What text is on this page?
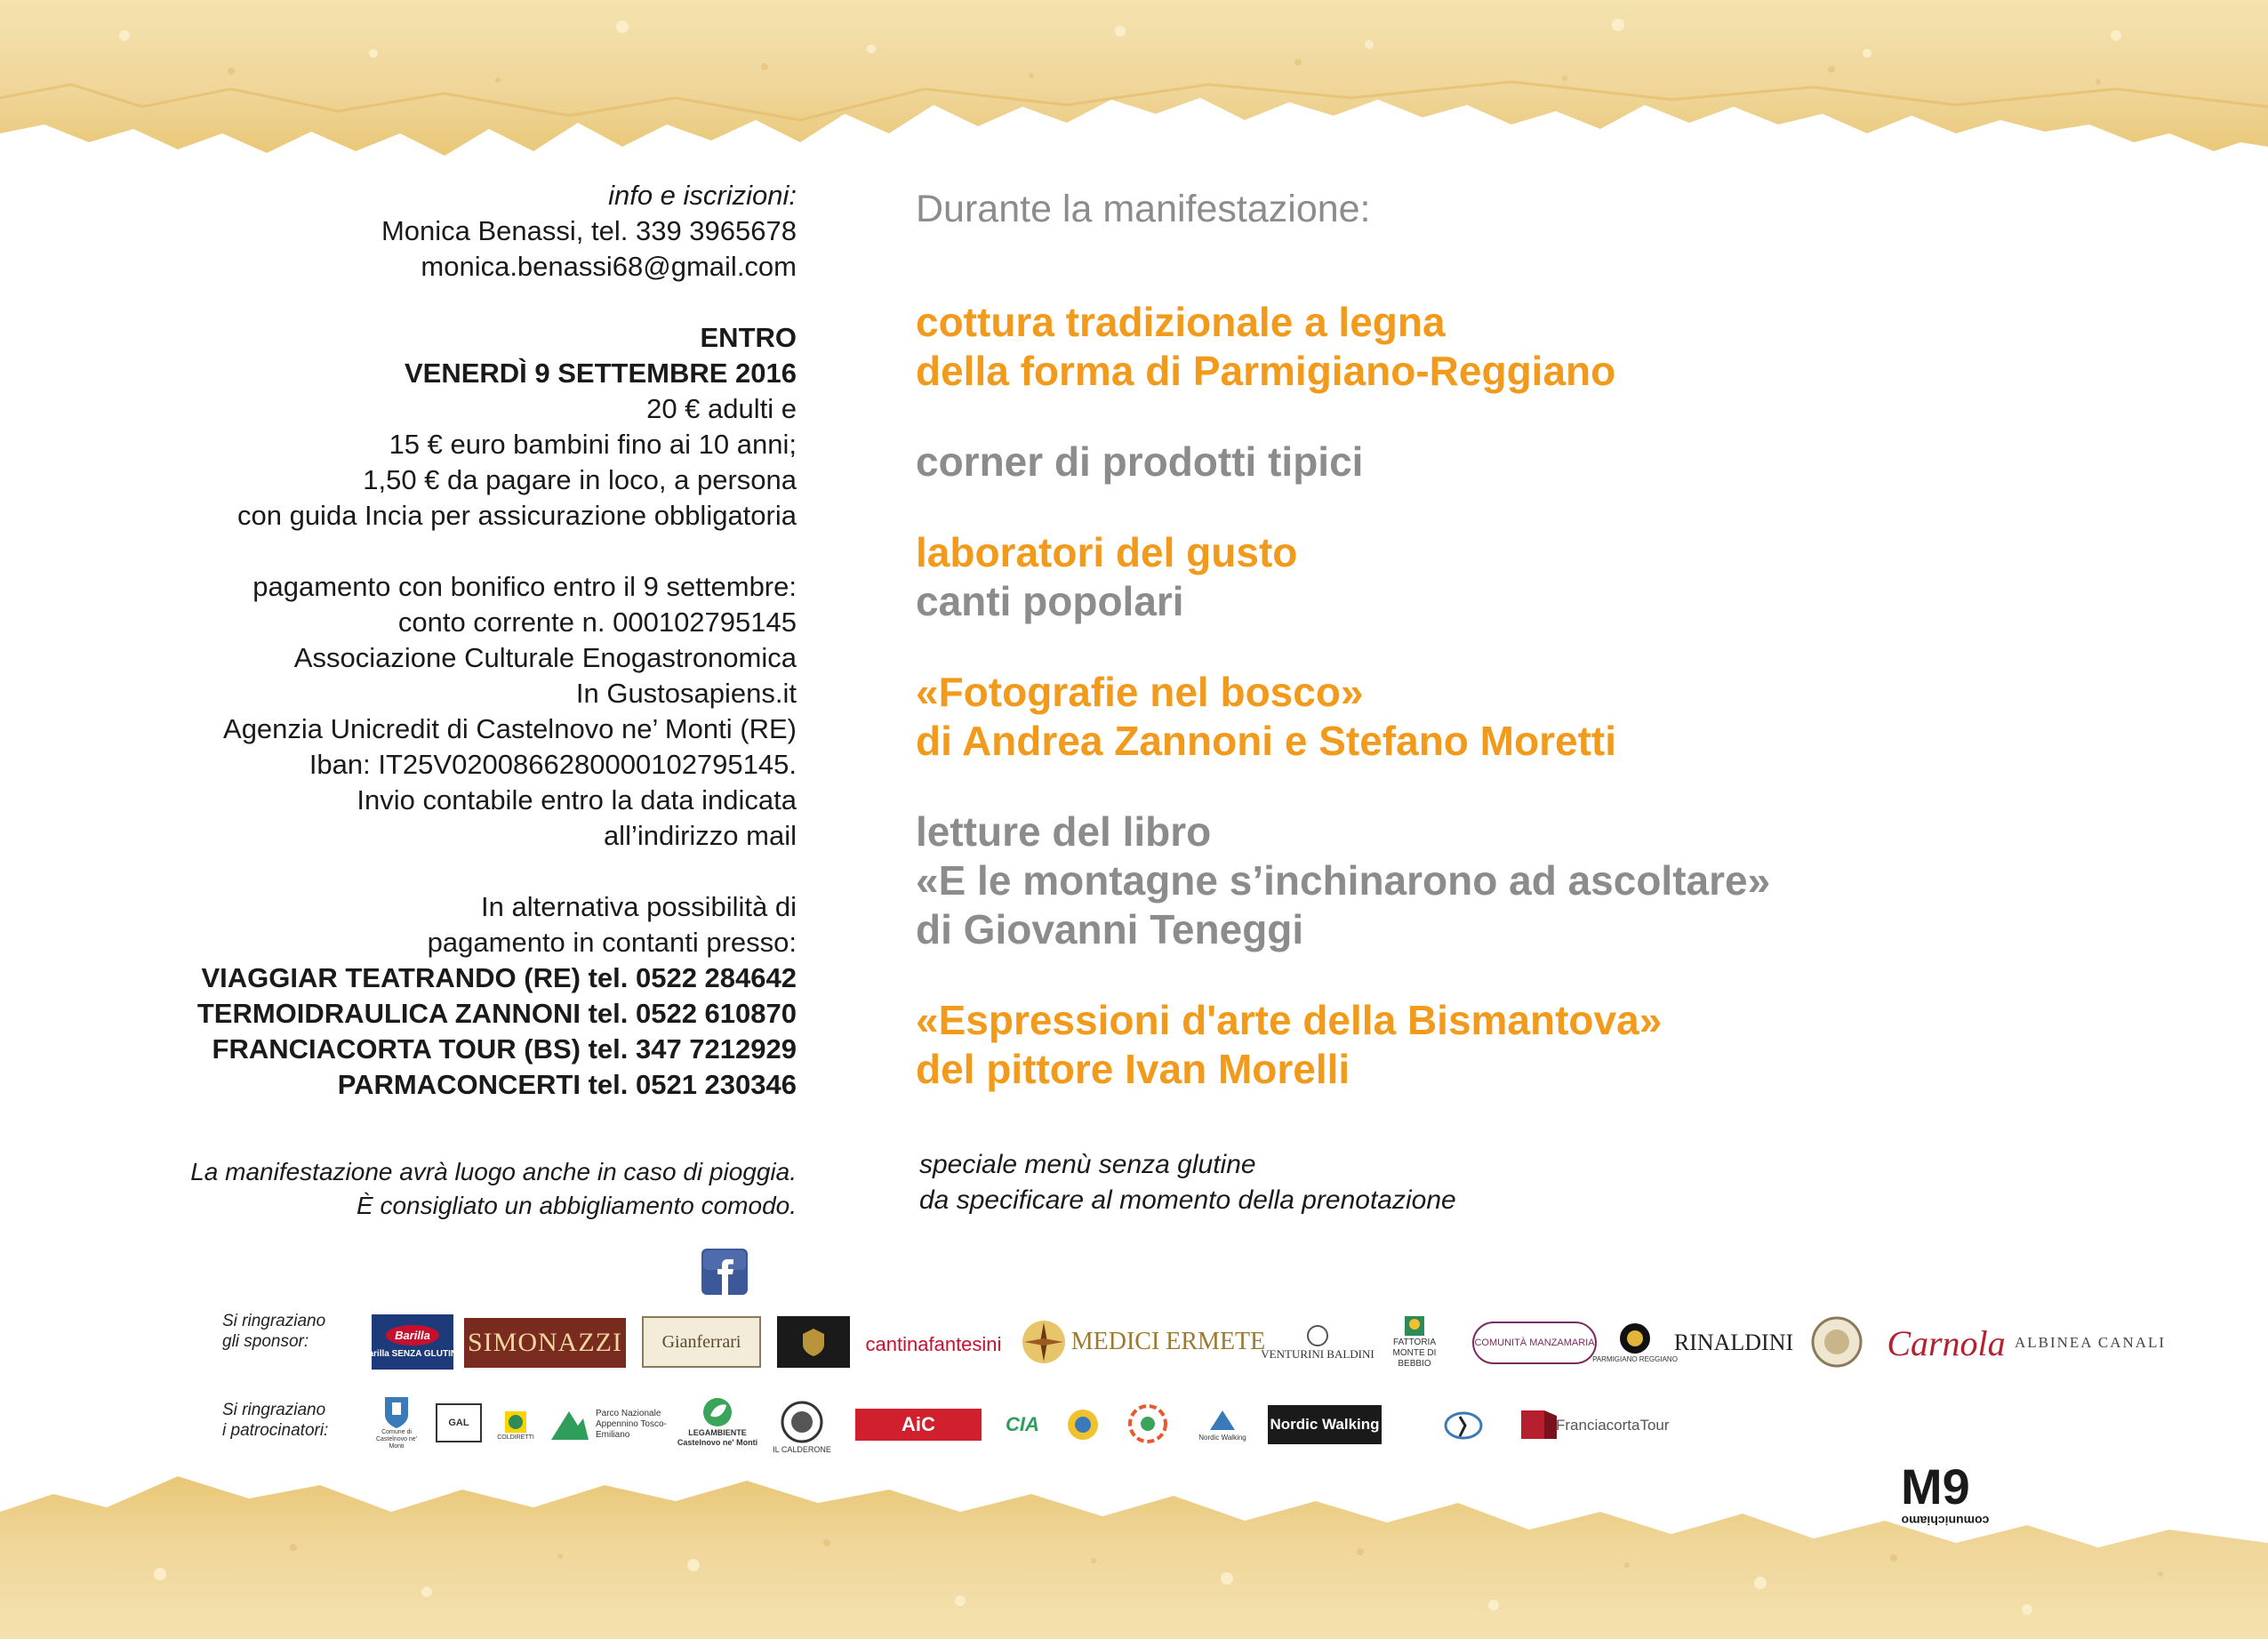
info e iscrizioni:
Monica Benassi, tel. 339 3965678
monica.benassi68@gmail.com
ENTRO
VENERDÌ 9 SETTEMBRE 2016
20 € adulti e
15 € euro bambini fino ai 10 anni;
1,50 € da pagare in loco, a persona
con guida Incia per assicurazione obbligatoria
pagamento con bonifico entro il 9 settembre:
conto corrente n. 000102795145
Associazione Culturale Enogastronomica
In Gustosapiens.it
Agenzia Unicredit di Castelnovo ne’ Monti (RE)
Iban: IT25V0200866280000102795145.
Invio contabile entro la data indicata
all’indirizzo mail
In alternativa possibilità di
pagamento in contanti presso:
VIAGGIAR TEATRANDO (RE) tel. 0522 284642
TERMOIDRAULICA ZANNONI tel. 0522 610870
FRANCIACORTA TOUR (BS) tel. 347 7212929
PARMACONCERTI tel. 0521 230346
La manifestazione avrà luogo anche in caso di pioggia.
È consigliato un abbigliamento comodo.
Durante la manifestazione:
cottura tradizionale a legna
della forma di Parmigiano-Reggiano
corner di prodotti tipici
laboratori del gusto
canti popolari
«Fotografie nel bosco»
di Andrea Zannoni e Stefano Moretti
letture del libro
«E le montagne s’inchinarono ad ascoltare»
di Giovanni Teneggi
«Espressioni d'arte della Bismantova»
del pittore Ivan Morelli
speciale menù senza glutine
da specificare al momento della prenotazione
Si ringraziano
gli sponsor:	Barilla
Barilla SENZA GLUTINE SIMONAZZI Gianferrari	cantinafantesini	MEDICI ERMETE
VENTURINI BALDINI
FATTORIA MONTE DI BEBBIO
COMUNITÀ MANZAMARIA
PARMIGIANO REGGIANO
RINALDINI	Carnola ALBINEA CANALI
Si ringraziano
i patrocinatori:	Comune di Castelnovo ne' Monti
GAL
COLDIRETTI
Parco Nazionale Appennino Tosco-Emiliano	LEGAMBIENTE Castelnovo ne' Monti
IL CALDERONE
AiC	CIA
Nordic Walking
Nordic Walking	FranciacortaTour
M9
comunichiamo
